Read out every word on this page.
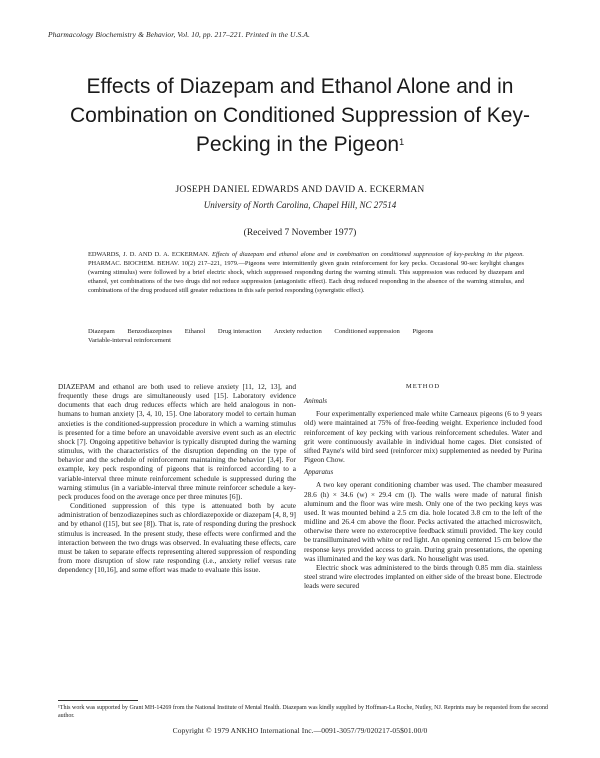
Pharmacology Biochemistry & Behavior, Vol. 10, pp. 217–221. Printed in the U.S.A.
Effects of Diazepam and Ethanol Alone and in Combination on Conditioned Suppression of Key-Pecking in the Pigeon$^1$
JOSEPH DANIEL EDWARDS AND DAVID A. ECKERMAN
University of North Carolina, Chapel Hill, NC 27514
(Received 7 November 1977)
EDWARDS, J. D. AND D. A. ECKERMAN. Effects of diazepam and ethanol alone and in combination on conditioned suppression of key-pecking in the pigeon. PHARMAC. BIOCHEM. BEHAV. 10(2) 217–221, 1979.—Pigeons were intermittently given grain reinforcement for key pecks. Occasional 90-sec keylight changes (warning stimulus) were followed by a brief electric shock, which suppressed responding during the warning stimuli. This suppression was reduced by diazepam and ethanol, yet combinations of the two drugs did not reduce suppression (antagonistic effect). Each drug reduced responding in the absence of the warning stimulus, and combinations of the drug produced still greater reductions in this safe period responding (synergistic effect).
Diazepam Benzodiazepines Ethanol Drug interaction Anxiety reduction Conditioned suppression Pigeons Variable-interval reinforcement

DIAZEPAM and ethanol are both used to relieve anxiety [11, 12, 13], and frequently these drugs are simultaneously used [15]. Laboratory evidence documents that each drug reduces effects which are held analogous in non-humans to human anxiety [3, 4, 10, 15]. One laboratory model to certain human anxieties is the conditioned-suppression procedure in which a warning stimulus is presented for a time before an unavoidable aversive event such as an electric shock [7]. Ongoing appetitive behavior is typically disrupted during the warning stimulus, with the characteristics of the disruption depending on the type of behavior and the schedule of reinforcement maintaining the behavior [3,4]. For example, key peck responding of pigeons that is reinforced according to a variable-interval three minute reinforcement schedule is suppressed during the warning stimulus (in a variable-interval three minute reinforcer schedule a key-peck produces food on the average once per three minutes [6]).

Conditioned suppression of this type is attenuated both by acute administration of benzodiazepines such as chlordiazepoxide or diazepam [4, 8, 9] and by ethanol ([15], but see [8]). That is, rate of responding during the preshock stimulus is increased. In the present study, these effects were confirmed and the interaction between the two drugs was observed. In evaluating these effects, care must be taken to separate effects representing altered suppression of responding from more disruption of slow rate responding (i.e., anxiety relief versus rate dependency [10,16], and some effort was made to evaluate this issue.

METHOD
Animals

Four experimentally experienced male white Carneaux pigeons (6 to 9 years old) were maintained at 75% of free-feeding weight. Experience included food reinforcement of key pecking with various reinforcement schedules. Water and grit were continuously available in individual home cages. Diet consisted of sifted Payne's wild bird seed (reinforcer mix) supplemented as needed by Purina Pigeon Chow.

Apparatus

A two key operant conditioning chamber was used. The chamber measured 28.6 (h) × 34.6 (w) × 29.4 cm (l). The walls were made of natural finish aluminum and the floor was wire mesh. Only one of the two pecking keys was used. It was mounted behind a 2.5 cm dia. hole located 3.8 cm to the left of the midline and 26.4 cm above the floor. Pecks activated the attached microswitch, otherwise there were no exteroceptive feedback stimuli provided. The key could be transilluminated with white or red light. An opening centered 15 cm below the response keys provided access to grain. During grain presentations, the opening was illuminated and the key was dark. No houselight was used.

Electric shock was administered to the birds through 0.85 mm dia. stainless steel strand wire electrodes implanted on either side of the breast bone. Electrode leads were secured

¹This work was supported by Grant MH-14269 from the National Institute of Mental Health. Diazepam was kindly supplied by Hoffman-La Roche, Nutley, NJ. Reprints may be requested from the second author.
Copyright © 1979 ANKHO International Inc.—0091-3057/79/020217-05$01.00/0
